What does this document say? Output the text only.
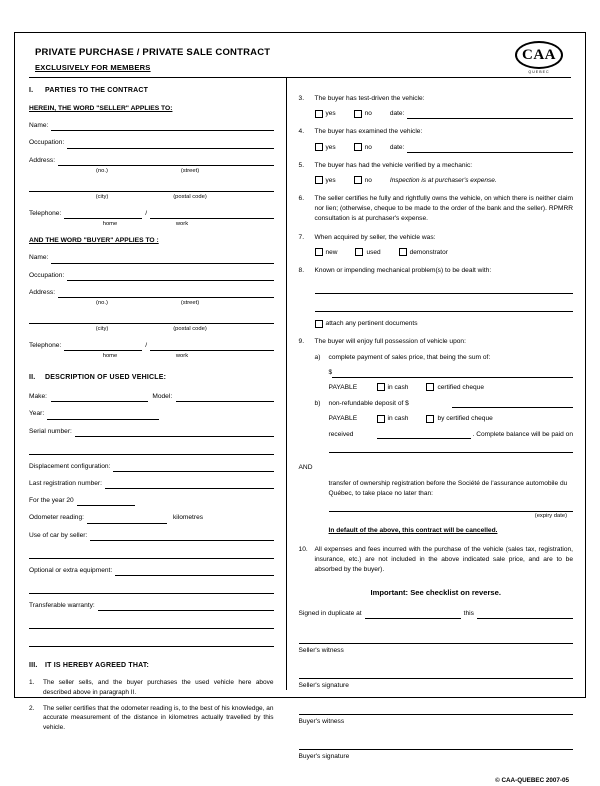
PRIVATE PURCHASE / PRIVATE SALE CONTRACT
EXCLUSIVELY FOR MEMBERS
CAA
QUEBEC
I. PARTIES TO THE CONTRACT
HEREIN, THE WORD "SELLER" APPLIES TO:
Name:
Occupation:
Address:
(no.)	(street)
(city)	(postal code)
Telephone:	/
home	work
AND THE WORD "BUYER" APPLIES TO :
Name:
Occupation:
Address:
(no.)	(street)
(city)	(postal code)
Telephone:	/
home	work
II. DESCRIPTION OF USED VEHICLE:
Make:	Model:
Year:
Serial number:
Displacement configuration:
Last registration number:
For the year 20
Odometer reading:	kilometres
Use of car by seller:
Optional or extra equipment:
Transferable warranty:
III. IT IS HEREBY AGREED THAT:
1.	The seller sells, and the buyer purchases the used vehicle here above described above in paragraph II.
2.	The seller certifies that the odometer reading is, to the best of his knowledge, an accurate measurement of the distance in kilometres actually travelled by this vehicle.
3.	The buyer has test-driven the vehicle:
yes	no	date:
4.	The buyer has examined the vehicle:
yes	no	date:
5.	The buyer has had the vehicle verified by a mechanic:
yes	no	Inspection is at purchaser's expense.
6.	The seller certifies he fully and rightfully owns the vehicle, on which there is neither claim nor lien; (otherwise, cheque to be made to the order of the bank and the seller). RPMRR consultation is at purchaser's expense.
7.	When acquired by seller, the vehicle was:
new	used	demonstrator
8.	Known or impending mechanical problem(s) to be dealt with:
attach any pertinent documents
9.	The buyer will enjoy full possession of vehicle upon:
a)	complete payment of sales price, that being the sum of:
$
PAYABLE	in cash	certified cheque
b)	non-refundable deposit of $
PAYABLE	in cash	by certified cheque
received	. Complete balance will be paid on
AND
transfer of ownership registration before the Société de l'assurance automobile du Québec, to take place no later than:
(expiry date)
In default of the above, this contract will be cancelled.
10.	All expenses and fees incurred with the purchase of the vehicle (sales tax, registration, insurance, etc.) are not included in the above indicated sale price, and are to be absorbed by the buyer).
Important: See checklist on reverse.
Signed in duplicate at	this
Seller's witness
Seller's signature
Buyer's witness
Buyer's signature
© CAA-QUEBEC 2007-05
